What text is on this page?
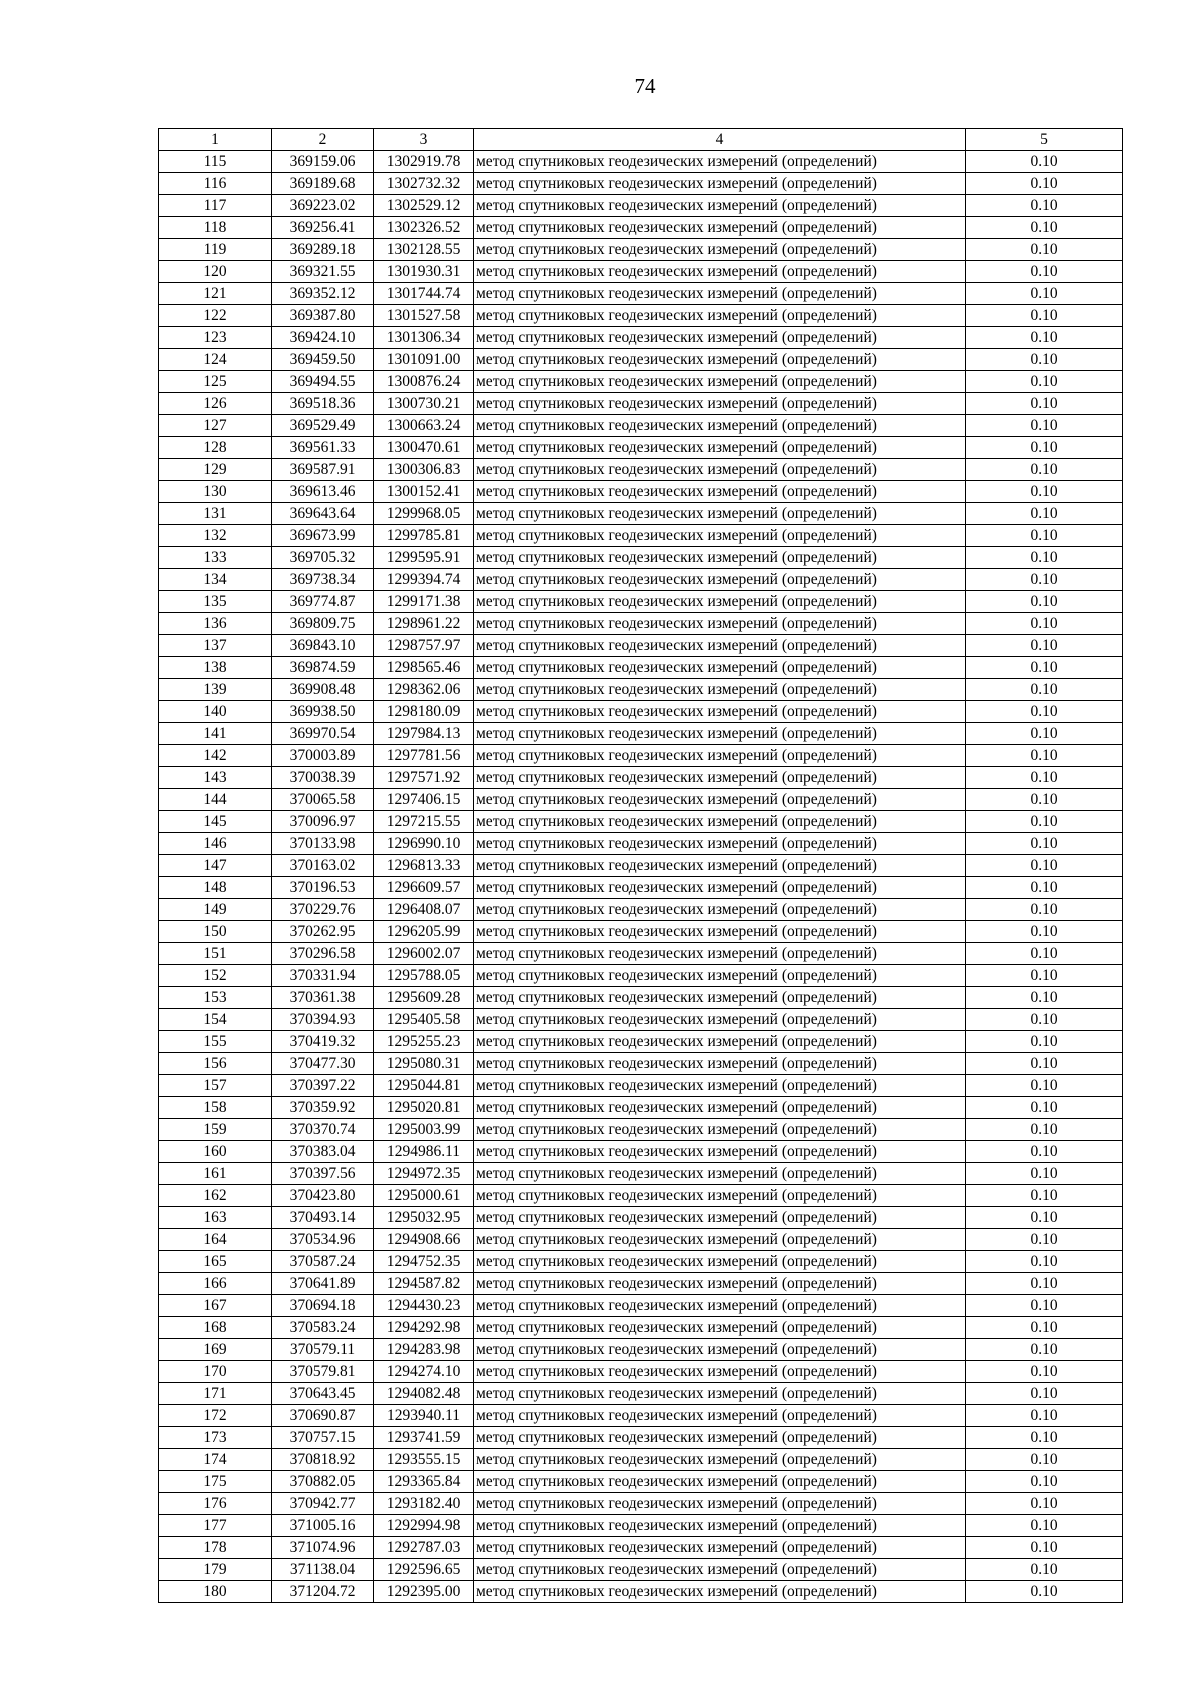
74
1	2	3	4	5
115	369159.06	1302919.78	метод спутниковых геодезических измерений (определений)	0.10
116	369189.68	1302732.32	метод спутниковых геодезических измерений (определений)	0.10
117	369223.02	1302529.12	метод спутниковых геодезических измерений (определений)	0.10
118	369256.41	1302326.52	метод спутниковых геодезических измерений (определений)	0.10
119	369289.18	1302128.55	метод спутниковых геодезических измерений (определений)	0.10
120	369321.55	1301930.31	метод спутниковых геодезических измерений (определений)	0.10
121	369352.12	1301744.74	метод спутниковых геодезических измерений (определений)	0.10
122	369387.80	1301527.58	метод спутниковых геодезических измерений (определений)	0.10
123	369424.10	1301306.34	метод спутниковых геодезических измерений (определений)	0.10
124	369459.50	1301091.00	метод спутниковых геодезических измерений (определений)	0.10
125	369494.55	1300876.24	метод спутниковых геодезических измерений (определений)	0.10
126	369518.36	1300730.21	метод спутниковых геодезических измерений (определений)	0.10
127	369529.49	1300663.24	метод спутниковых геодезических измерений (определений)	0.10
128	369561.33	1300470.61	метод спутниковых геодезических измерений (определений)	0.10
129	369587.91	1300306.83	метод спутниковых геодезических измерений (определений)	0.10
130	369613.46	1300152.41	метод спутниковых геодезических измерений (определений)	0.10
131	369643.64	1299968.05	метод спутниковых геодезических измерений (определений)	0.10
132	369673.99	1299785.81	метод спутниковых геодезических измерений (определений)	0.10
133	369705.32	1299595.91	метод спутниковых геодезических измерений (определений)	0.10
134	369738.34	1299394.74	метод спутниковых геодезических измерений (определений)	0.10
135	369774.87	1299171.38	метод спутниковых геодезических измерений (определений)	0.10
136	369809.75	1298961.22	метод спутниковых геодезических измерений (определений)	0.10
137	369843.10	1298757.97	метод спутниковых геодезических измерений (определений)	0.10
138	369874.59	1298565.46	метод спутниковых геодезических измерений (определений)	0.10
139	369908.48	1298362.06	метод спутниковых геодезических измерений (определений)	0.10
140	369938.50	1298180.09	метод спутниковых геодезических измерений (определений)	0.10
141	369970.54	1297984.13	метод спутниковых геодезических измерений (определений)	0.10
142	370003.89	1297781.56	метод спутниковых геодезических измерений (определений)	0.10
143	370038.39	1297571.92	метод спутниковых геодезических измерений (определений)	0.10
144	370065.58	1297406.15	метод спутниковых геодезических измерений (определений)	0.10
145	370096.97	1297215.55	метод спутниковых геодезических измерений (определений)	0.10
146	370133.98	1296990.10	метод спутниковых геодезических измерений (определений)	0.10
147	370163.02	1296813.33	метод спутниковых геодезических измерений (определений)	0.10
148	370196.53	1296609.57	метод спутниковых геодезических измерений (определений)	0.10
149	370229.76	1296408.07	метод спутниковых геодезических измерений (определений)	0.10
150	370262.95	1296205.99	метод спутниковых геодезических измерений (определений)	0.10
151	370296.58	1296002.07	метод спутниковых геодезических измерений (определений)	0.10
152	370331.94	1295788.05	метод спутниковых геодезических измерений (определений)	0.10
153	370361.38	1295609.28	метод спутниковых геодезических измерений (определений)	0.10
154	370394.93	1295405.58	метод спутниковых геодезических измерений (определений)	0.10
155	370419.32	1295255.23	метод спутниковых геодезических измерений (определений)	0.10
156	370477.30	1295080.31	метод спутниковых геодезических измерений (определений)	0.10
157	370397.22	1295044.81	метод спутниковых геодезических измерений (определений)	0.10
158	370359.92	1295020.81	метод спутниковых геодезических измерений (определений)	0.10
159	370370.74	1295003.99	метод спутниковых геодезических измерений (определений)	0.10
160	370383.04	1294986.11	метод спутниковых геодезических измерений (определений)	0.10
161	370397.56	1294972.35	метод спутниковых геодезических измерений (определений)	0.10
162	370423.80	1295000.61	метод спутниковых геодезических измерений (определений)	0.10
163	370493.14	1295032.95	метод спутниковых геодезических измерений (определений)	0.10
164	370534.96	1294908.66	метод спутниковых геодезических измерений (определений)	0.10
165	370587.24	1294752.35	метод спутниковых геодезических измерений (определений)	0.10
166	370641.89	1294587.82	метод спутниковых геодезических измерений (определений)	0.10
167	370694.18	1294430.23	метод спутниковых геодезических измерений (определений)	0.10
168	370583.24	1294292.98	метод спутниковых геодезических измерений (определений)	0.10
169	370579.11	1294283.98	метод спутниковых геодезических измерений (определений)	0.10
170	370579.81	1294274.10	метод спутниковых геодезических измерений (определений)	0.10
171	370643.45	1294082.48	метод спутниковых геодезических измерений (определений)	0.10
172	370690.87	1293940.11	метод спутниковых геодезических измерений (определений)	0.10
173	370757.15	1293741.59	метод спутниковых геодезических измерений (определений)	0.10
174	370818.92	1293555.15	метод спутниковых геодезических измерений (определений)	0.10
175	370882.05	1293365.84	метод спутниковых геодезических измерений (определений)	0.10
176	370942.77	1293182.40	метод спутниковых геодезических измерений (определений)	0.10
177	371005.16	1292994.98	метод спутниковых геодезических измерений (определений)	0.10
178	371074.96	1292787.03	метод спутниковых геодезических измерений (определений)	0.10
179	371138.04	1292596.65	метод спутниковых геодезических измерений (определений)	0.10
180	371204.72	1292395.00	метод спутниковых геодезических измерений (определений)	0.10
